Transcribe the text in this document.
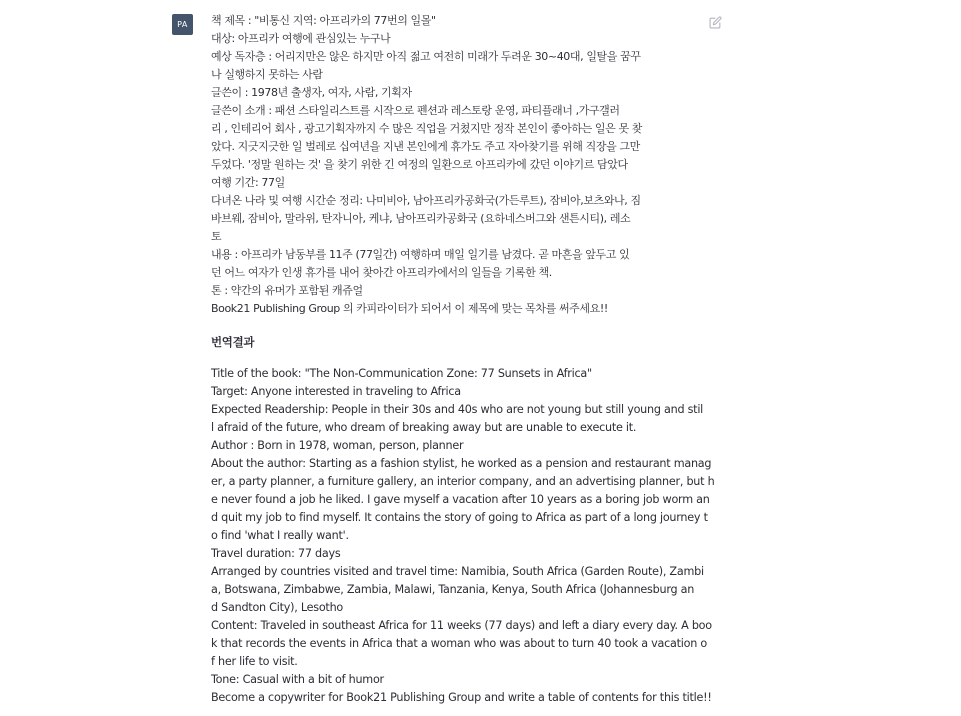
PA	책 제목 : "비통신 지역: 아프리카의 77번의 일몰"
대상: 아프리카 여행에 관심있는 누구나
예상 독자층 : 어리지만은 않은 하지만 아직 젊고 여전히 미래가 두려운 30~40대, 일탈을 꿈꾸
나 실행하지 못하는 사람
글쓴이 : 1978년 출생자, 여자, 사람, 기획자
글쓴이 소개 : 패션 스타일리스트를 시작으로 펜션과 레스토랑 운영, 파티플래너 ,가구갤러
리 , 인테리어 회사 , 광고기획자까지 수 많은 직업을 거쳤지만 정작 본인이 좋아하는 일은 못 찾
았다. 지긋지긋한 일 벌레로 십여년을 지낸 본인에게 휴가도 주고 자아찾기를 위해 직장을 그만
두었다. '정말 원하는 것' 을 찾기 위한 긴 여정의 일환으로 아프리카에 갔던 이야기르 담았다
여행 기간: 77일
다녀온 나라 및 여행 시간순 정리: 나미비아, 남아프리카공화국(가든루트), 잠비아,보츠와나, 짐
바브웨, 잠비아, 말라위, 탄자니아, 케냐, 남아프리카공화국 (요하네스버그와 샌튼시티), 레소
토
내용 : 아프리카 남동부를 11주 (77일간) 여행하며 매일 일기를 남겼다. 곧 마흔을 앞두고 있
던 어느 여자가 인생 휴가를 내어 찾아간 아프리카에서의 일들을 기록한 책.
톤 : 약간의 유머가 포함된 캐쥬얼
Book21 Publishing Group 의 카피라이터가 되어서 이 제목에 맞는 목차를 써주세요!!
번역결과
Title of the book: "The Non-Communication Zone: 77 Sunsets in Africa"
Target: Anyone interested in traveling to Africa
Expected Readership: People in their 30s and 40s who are not young but still young and stil
l afraid of the future, who dream of breaking away but are unable to execute it.
Author : Born in 1978, woman, person, planner
About the author: Starting as a fashion stylist, he worked as a pension and restaurant manag
er, a party planner, a furniture gallery, an interior company, and an advertising planner, but h
e never found a job he liked. I gave myself a vacation after 10 years as a boring job worm an
d quit my job to find myself. It contains the story of going to Africa as part of a long journey t
o find 'what I really want'.
Travel duration: 77 days
Arranged by countries visited and travel time: Namibia, South Africa (Garden Route), Zambi
a, Botswana, Zimbabwe, Zambia, Malawi, Tanzania, Kenya, South Africa (Johannesburg an
d Sandton City), Lesotho
Content: Traveled in southeast Africa for 11 weeks (77 days) and left a diary every day. A boo
k that records the events in Africa that a woman who was about to turn 40 took a vacation o
f her life to visit.
Tone: Casual with a bit of humor
Become a copywriter for Book21 Publishing Group and write a table of contents for this title!!
